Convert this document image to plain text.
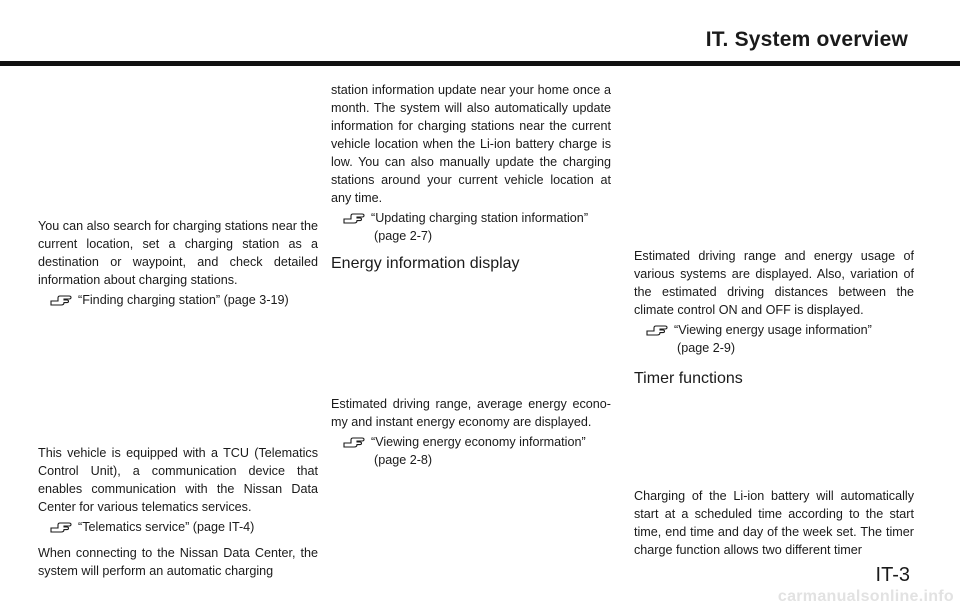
IT. System overview

You can also search for charging stations near the current location, set a charging station as a destination or waypoint, and check detailed information about charging stations.

“Finding charging station” (page 3-19)

This vehicle is equipped with a TCU (Telematics Control Unit), a communication device that enables communication with the Nissan Data Center for various telematics services.

“Telematics service” (page IT-4)

When connecting to the Nissan Data Center, the system will perform an automatic charging

station information update near your home once a month. The system will also automatically update information for charging stations near the current vehicle location when the Li-ion battery charge is low. You can also manually update the charging stations around your current vehicle location at any time.

“Updating charging station information”
(page 2-7)
Energy information display

Estimated driving range, average energy econo-my and instant energy economy are displayed.

“Viewing energy economy information”
(page 2-8)

Estimated driving range and energy usage of various systems are displayed. Also, variation of the estimated driving distances between the climate control ON and OFF is displayed.

“Viewing energy usage information”
(page 2-9)
Timer functions

Charging of the Li-ion battery will automatically start at a scheduled time according to the start time, end time and day of the week set. The timer charge function allows two different timer

IT-3
carmanualsonline.info
